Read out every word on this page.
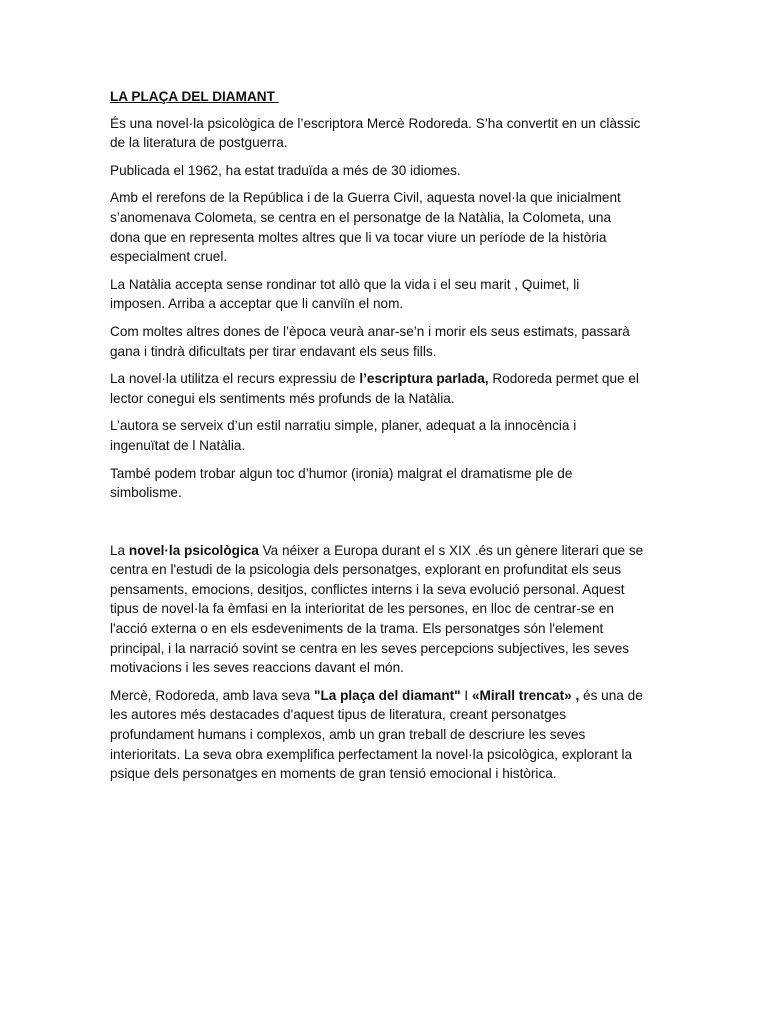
LA PLAÇA DEL DIAMANT

És una novel·la psicològica de l’escriptora Mercè Rodoreda. S’ha convertit en un clàssic
de la literatura de postguerra.

Publicada el 1962, ha estat traduïda a més de 30 idiomes.

Amb el rerefons de la República i de la Guerra Civil, aquesta novel·la que inicialment
s’anomenava Colometa, se centra en el personatge de la Natàlia, la Colometa, una
dona que en representa moltes altres que li va tocar viure un període de la història
especialment cruel.

La Natàlia accepta sense rondinar tot allò que la vida i el seu marit , Quimet, li
imposen. Arriba a acceptar que li canviïn el nom.

Com moltes altres dones de l’època veurà anar-se’n i morir els seus estimats, passarà
gana i tindrà dificultats per tirar endavant els seus fills.

La novel·la utilitza el recurs expressiu de l’escriptura parlada, Rodoreda permet que el
lector conegui els sentiments més profunds de la Natàlia.

L’autora se serveix d’un estil narratiu simple, planer, adequat a la innocència i
ingenuïtat de l Natàlia.

També podem trobar algun toc d’humor (ironia) malgrat el dramatisme ple de
simbolisme.

La novel·la psicològica Va néixer a Europa durant el s XIX .és un gènere literari que se
centra en l'estudi de la psicologia dels personatges, explorant en profunditat els seus
pensaments, emocions, desitjos, conflictes interns i la seva evolució personal. Aquest
tipus de novel·la fa èmfasi en la interioritat de les persones, en lloc de centrar-se en
l'acció externa o en els esdeveniments de la trama. Els personatges són l'element
principal, i la narració sovint se centra en les seves percepcions subjectives, les seves
motivacions i les seves reaccions davant el món.

Mercè, Rodoreda, amb lava seva "La plaça del diamant" I «Mirall trencat» , és una de
les autores més destacades d'aquest tipus de literatura, creant personatges
profundament humans i complexos, amb un gran treball de descriure les seves
interioritats. La seva obra exemplifica perfectament la novel·la psicològica, explorant la
psique dels personatges en moments de gran tensió emocional i històrica.
